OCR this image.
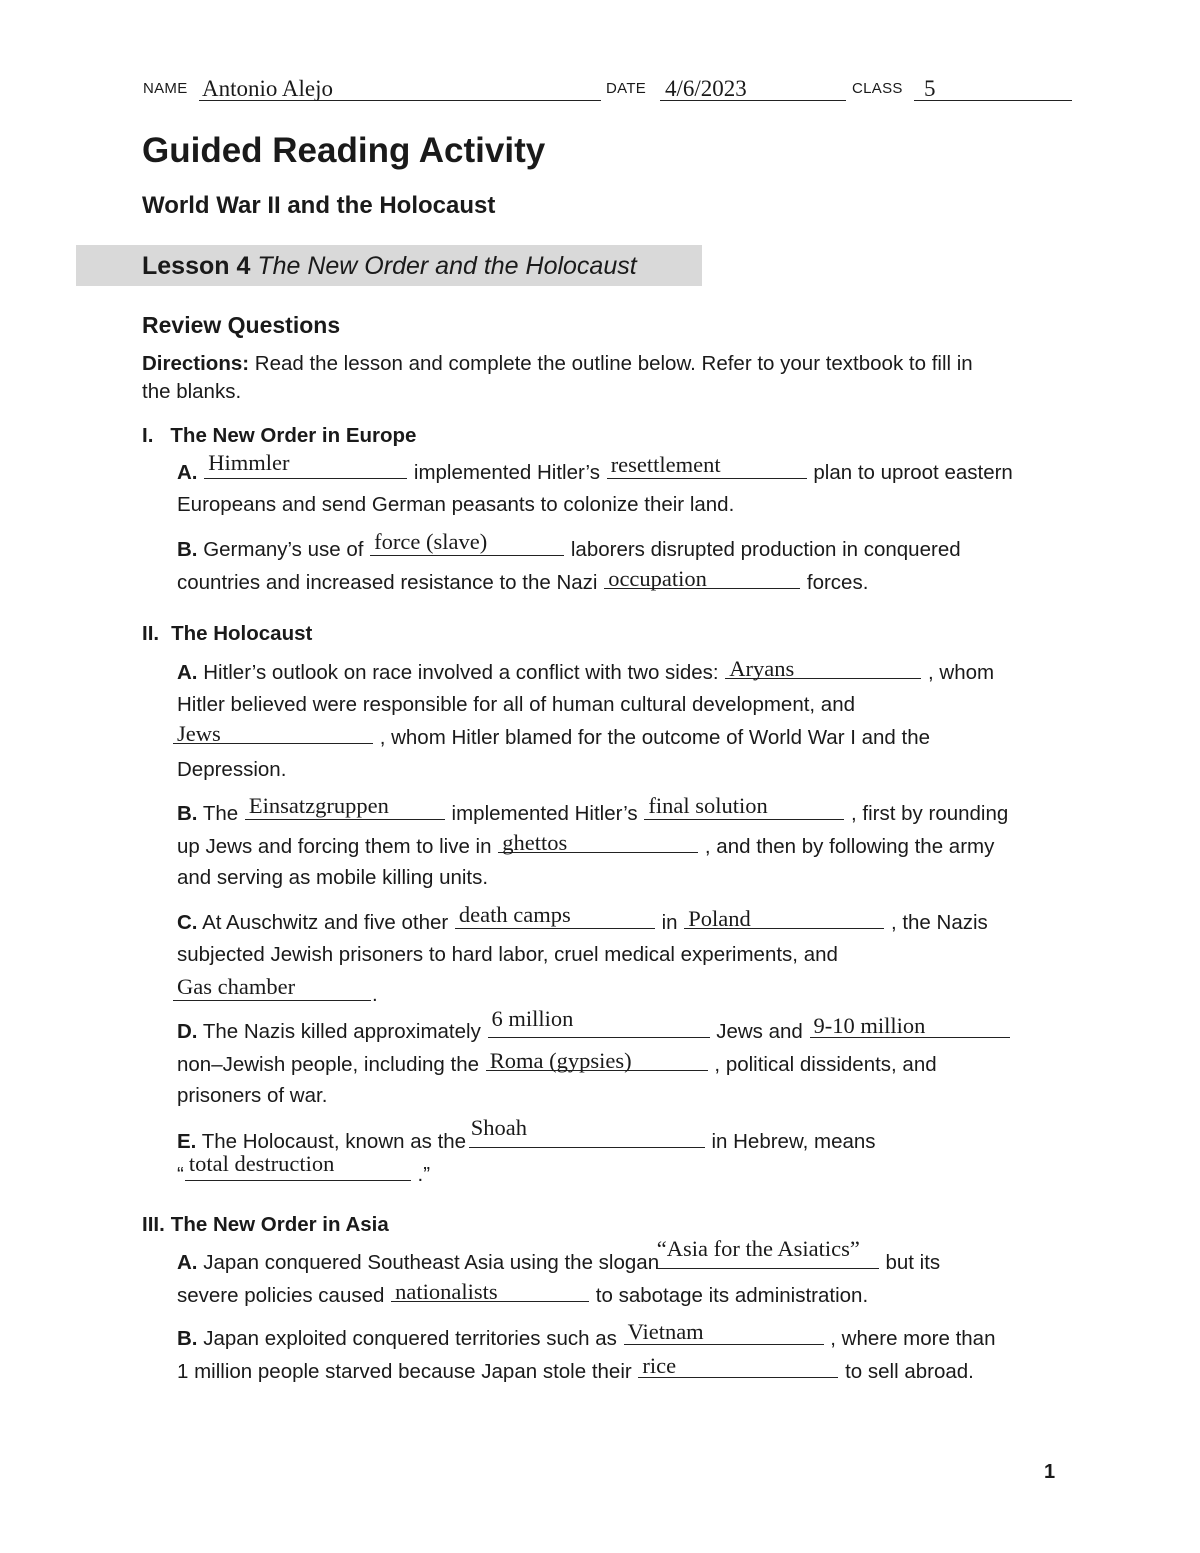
NAME Antonio Alejo	DATE 4/6/2023	CLASS 5
Guided Reading Activity
World War II and the Holocaust
Lesson 4 The New Order and the Holocaust
Review Questions
Directions: Read the lesson and complete the outline below. Refer to your textbook to fill in
the blanks.
I. The New Order in Europe
A. Himmler	implemented Hitler’s resettlement	plan to uproot eastern
Europeans and send German peasants to colonize their land.
B. Germany’s use of force (slave)	laborers disrupted production in conquered
countries and increased resistance to the Nazi occupation	forces.
II. The Holocaust
A. Hitler’s outlook on race involved a conflict with two sides: Aryans	, whom
Hitler believed were responsible for all of human cultural development, and
Jews	, whom Hitler blamed for the outcome of World War I and the
Depression.
B. The Einsatzgruppen	implemented Hitler’s final solution	, first by rounding
up Jews and forcing them to live in ghettos	, and then by following the army
and serving as mobile killing units.
C. At Auschwitz and five other death camps	in Poland	, the Nazis
subjected Jewish prisoners to hard labor, cruel medical experiments, and
Gas chamber	.
D. The Nazis killed approximately
6 million
Jews and 9-10 million
non–Jewish people, including the Roma (gypsies)	, political dissidents, and
prisoners of war.
E. The Holocaust, known as the
Shoah
in Hebrew, means
“ total destruction	.”
III. The New Order in Asia
A. Japan conquered Southeast Asia using the slogan
“Asia for the Asiatics”
but its
severe policies caused nationalists	to sabotage its administration.
B. Japan exploited conquered territories such as Vietnam	, where more than
1 million people starved because Japan stole their rice	to sell abroad.
1
